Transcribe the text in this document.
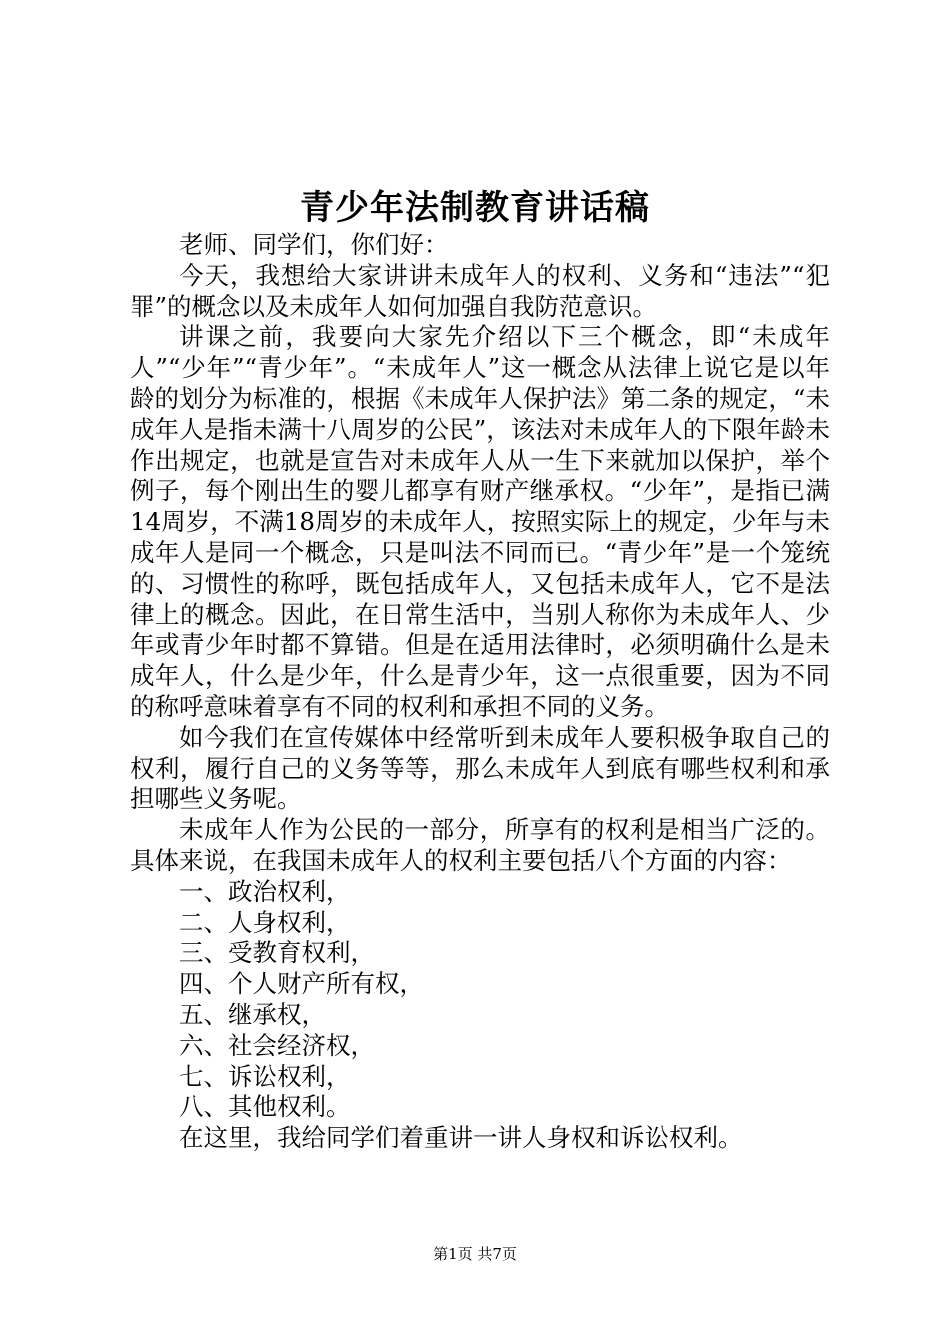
青少年法制教育讲话稿

老师、同学们，你们好：

今天，我想给大家讲讲未成年人的权利、义务和“违法”“犯罪”的概念以及未成年人如何加强自我防范意识。

讲课之前，我要向大家先介绍以下三个概念，即“未成年人”“少年”“青少年”。“未成年人”这一概念从法律上说它是以年龄的划分为标准的，根据《未成年人保护法》第二条的规定，“未成年人是指未满十八周岁的公民”，该法对未成年人的下限年龄未作出规定，也就是宣告对未成年人从一生下来就加以保护，举个例子，每个刚出生的婴儿都享有财产继承权。“少年”，是指已满14周岁，不满18周岁的未成年人，按照实际上的规定，少年与未成年人是同一个概念，只是叫法不同而已。“青少年”是一个笼统的、习惯性的称呼，既包括成年人，又包括未成年人，它不是法律上的概念。因此，在日常生活中，当别人称你为未成年人、少年或青少年时都不算错。但是在适用法律时，必须明确什么是未成年人，什么是少年，什么是青少年，这一点很重要，因为不同的称呼意味着享有不同的权利和承担不同的义务。

如今我们在宣传媒体中经常听到未成年人要积极争取自己的权利，履行自己的义务等等，那么未成年人到底有哪些权利和承担哪些义务呢。

未成年人作为公民的一部分，所享有的权利是相当广泛的。具体来说，在我国未成年人的权利主要包括八个方面的内容：

一、政治权利，

二、人身权利，

三、受教育权利，

四、个人财产所有权，

五、继承权，

六、社会经济权，

七、诉讼权利，

八、其他权利。

在这里，我给同学们着重讲一讲人身权和诉讼权利。

第1页 共7页
